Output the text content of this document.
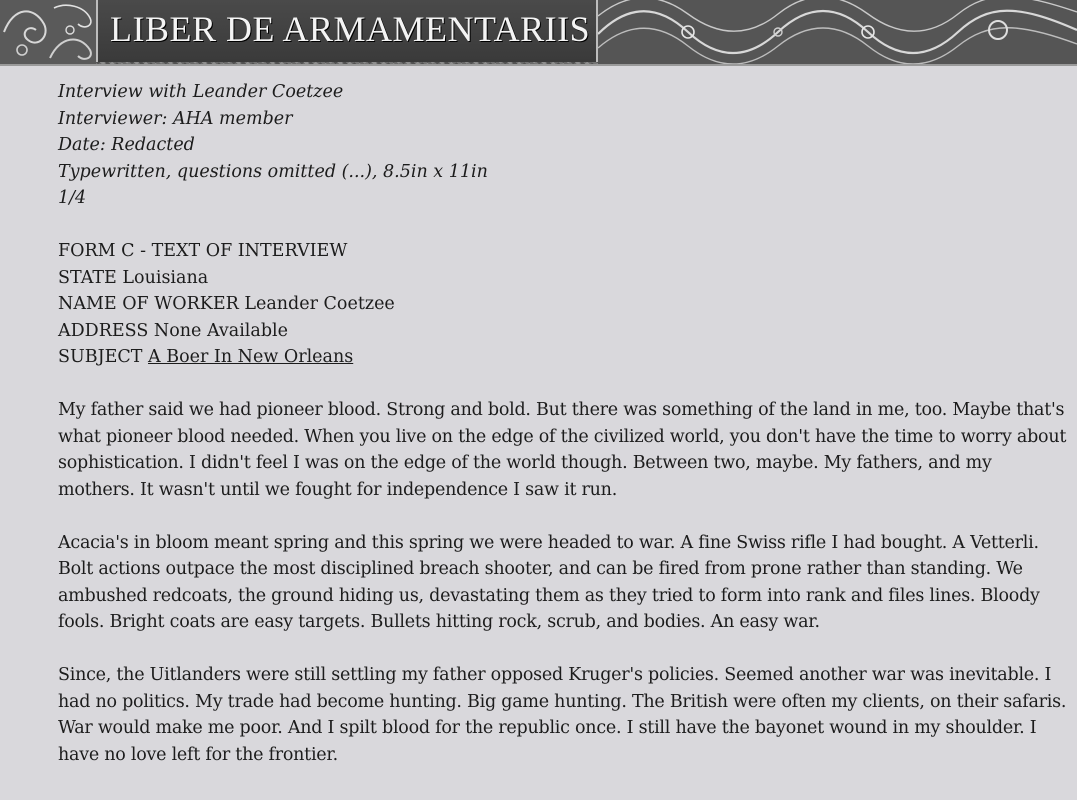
LIBER DE ARMAMENTARIIS
Interview with Leander Coetzee
Interviewer: AHA member
Date: Redacted
Typewritten, questions omitted (...), 8.5in x 11in
1/4
FORM C - TEXT OF INTERVIEW
STATE Louisiana
NAME OF WORKER Leander Coetzee
ADDRESS None Available
SUBJECT A Boer In New Orleans

My father said we had pioneer blood. Strong and bold. But there was something of the land in me, too. Maybe that's what pioneer blood needed. When you live on the edge of the civilized world, you don't have the time to worry about sophistication. I didn't feel I was on the edge of the world though. Between two, maybe. My fathers, and my mothers. It wasn't until we fought for independence I saw it run.

Acacia's in bloom meant spring and this spring we were headed to war. A fine Swiss rifle I had bought. A Vetterli. Bolt actions outpace the most disciplined breach shooter, and can be fired from prone rather than standing. We ambushed redcoats, the ground hiding us, devastating them as they tried to form into rank and files lines. Bloody fools. Bright coats are easy targets. Bullets hitting rock, scrub, and bodies. An easy war.

Since, the Uitlanders were still settling my father opposed Kruger's policies. Seemed another war was inevitable. I had no politics. My trade had become hunting. Big game hunting. The British were often my clients, on their safaris. War would make me poor. And I spilt blood for the republic once. I still have the bayonet wound in my shoulder. I have no love left for the frontier.
